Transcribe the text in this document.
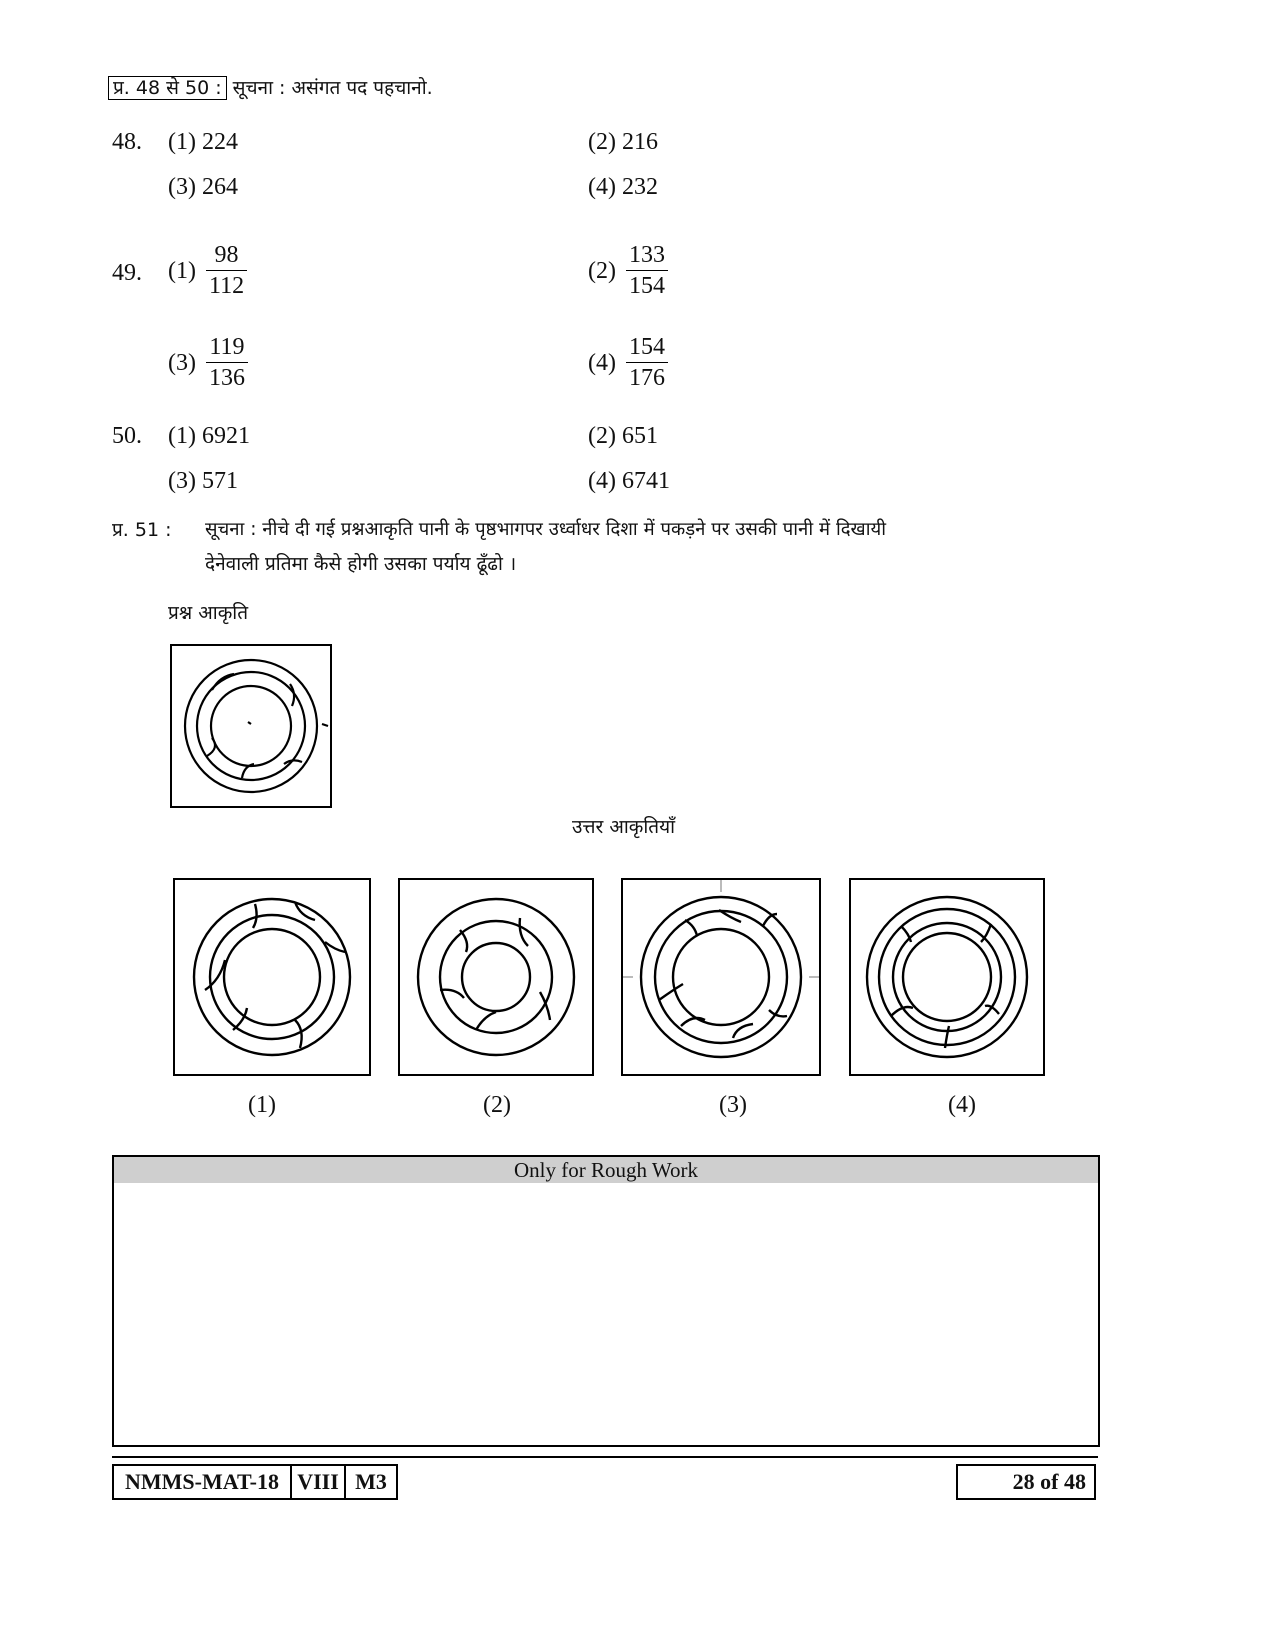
प्र. 48 से 50 : सूचना : असंगत पद पहचानो.
48. (1) 224	(2) 216
(3) 264	(4) 232
49. $(1) \frac{98}{112}$	$(2) \frac{133}{154}$
$(3) \frac{119}{136}$	$(4) \frac{154}{176}$
50. (1) 6921	(2) 651
(3) 571	(4) 6741
प्र. 51 : सूचना : नीचे दी गई प्रश्नआकृति पानी के पृष्ठभागपर उर्ध्वाधर दिशा में पकड़ने पर उसकी पानी में दिखायी
देनेवाली प्रतिमा कैसे होगी उसका पर्याय ढूँढो ।
प्रश्न आकृति
उत्तर आकृतियाँ
(1)	(2)	(3)	(4)
Only for Rough Work
NMMS-MAT-18 VIII M3	28 of 48
